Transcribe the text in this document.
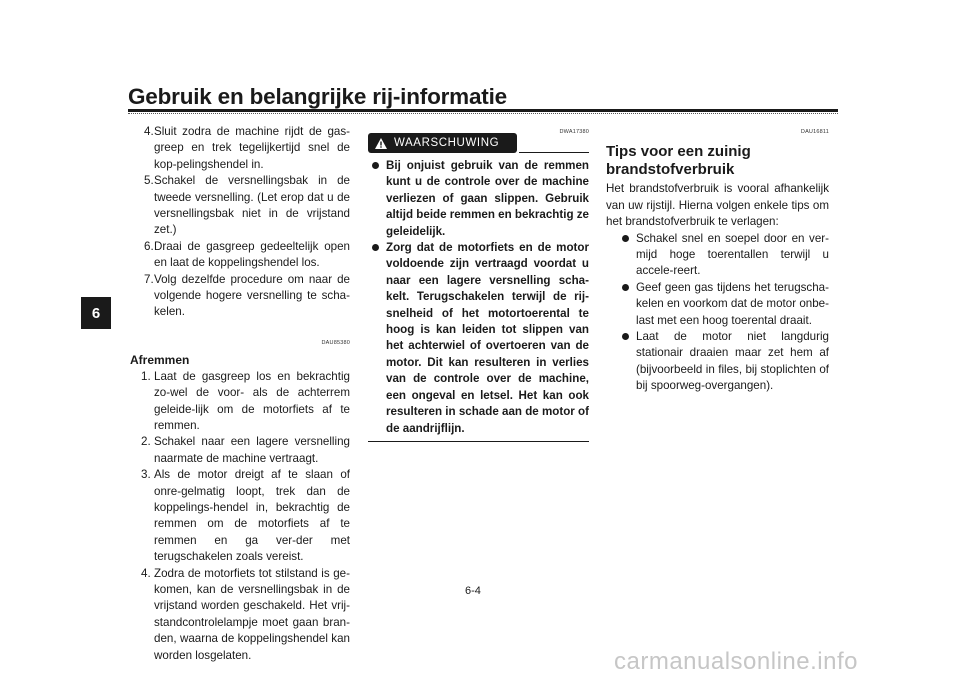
Gebruik en belangrijke rij-informatie
6
4. Sluit zodra de machine rijdt de gas-greep en trek tegelijkertijd snel de kop-pelingshendel in.
5. Schakel de versnellingsbak in de tweede versnelling. (Let erop dat u de versnellingsbak niet in de vrijstand zet.)
6. Draai de gasgreep gedeeltelijk open en laat de koppelingshendel los.
7. Volg dezelfde procedure om naar de volgende hogere versnelling te scha-kelen.
DAU85380
Afremmen
1. Laat de gasgreep los en bekrachtig zo-wel de voor- als de achterrem geleide-lijk om de motorfiets af te remmen.
2. Schakel naar een lagere versnelling naarmate de machine vertraagt.
3. Als de motor dreigt af te slaan of onre-gelmatig loopt, trek dan de koppelings-hendel in, bekrachtig de remmen om de motorfiets af te remmen en ga ver-der met terugschakelen zoals vereist.
4. Zodra de motorfiets tot stilstand is ge-komen, kan de versnellingsbak in de vrijstand worden geschakeld. Het vrij-standcontrolelampje moet gaan bran-den, waarna de koppelingshendel kan worden losgelaten.
DWA17380
WAARSCHUWING
Bij onjuist gebruik van de remmen kunt u de controle over de machine verliezen of gaan slippen. Gebruik altijd beide remmen en bekrachtig ze geleidelijk.
Zorg dat de motorfiets en de motor voldoende zijn vertraagd voordat u naar een lagere versnelling scha-kelt. Terugschakelen terwijl de rij-snelheid of het motortoerental te hoog is kan leiden tot slippen van het achterwiel of overtoeren van de motor. Dit kan resulteren in verlies van de controle over de machine, een ongeval en letsel. Het kan ook resulteren in schade aan de motor of de aandrijflijn.
DAU16811
Tips voor een zuinig brandstofverbruik
Het brandstofverbruik is vooral afhankelijk van uw rijstijl. Hierna volgen enkele tips om het brandstofverbruik te verlagen:
Schakel snel en soepel door en ver-mijd hoge toerentallen terwijl u accele-reert.
Geef geen gas tijdens het terugscha-kelen en voorkom dat de motor onbe-last met een hoog toerental draait.
Laat de motor niet langdurig stationair draaien maar zet hem af (bijvoorbeeld in files, bij stoplichten of bij spoorweg-overgangen).
6-4
carmanualsonline.info
